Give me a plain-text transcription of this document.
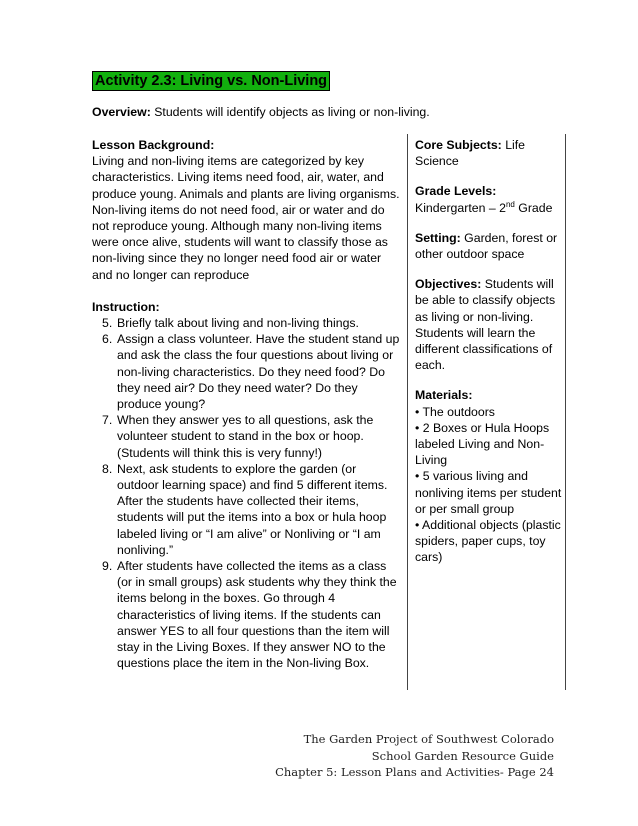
Activity 2.3: Living vs. Non-Living
Overview: Students will identify objects as living or non-living.

Lesson Background:

Living and non-living items are categorized by key characteristics. Living items need food, air, water, and produce young. Animals and plants are living organisms. Non-living items do not need food, air or water and do not reproduce young. Although many non-living items were once alive, students will want to classify those as non-living since they no longer need food air or water and no longer can reproduce

Instruction:

5. Briefly talk about living and non-living things.
6. Assign a class volunteer. Have the student stand up and ask the class the four questions about living or non-living characteristics. Do they need food? Do they need air? Do they need water? Do they produce young?
7. When they answer yes to all questions, ask the volunteer student to stand in the box or hoop. (Students will think this is very funny!)
8. Next, ask students to explore the garden (or outdoor learning space) and find 5 different items. After the students have collected their items, students will put the items into a box or hula hoop labeled living or “I am alive” or Nonliving or “I am nonliving.”
9. After students have collected the items as a class (or in small groups) ask students why they think the items belong in the boxes. Go through 4 characteristics of living items. If the students can answer YES to all four questions than the item will stay in the Living Boxes. If they answer NO to the questions place the item in the Non-living Box.

Core Subjects: Life Science

Grade Levels:

Kindergarten – 2nd Grade

Setting: Garden, forest or other outdoor space

Objectives: Students will be able to classify objects as living or non-living. Students will learn the different classifications of each.

Materials:

• The outdoors

• 2 Boxes or Hula Hoops labeled Living and Non-Living

• 5 various living and nonliving items per student or per small group

• Additional objects (plastic spiders, paper cups, toy cars)

The Garden Project of Southwest Colorado
School Garden Resource Guide
Chapter 5: Lesson Plans and Activities- Page 24
